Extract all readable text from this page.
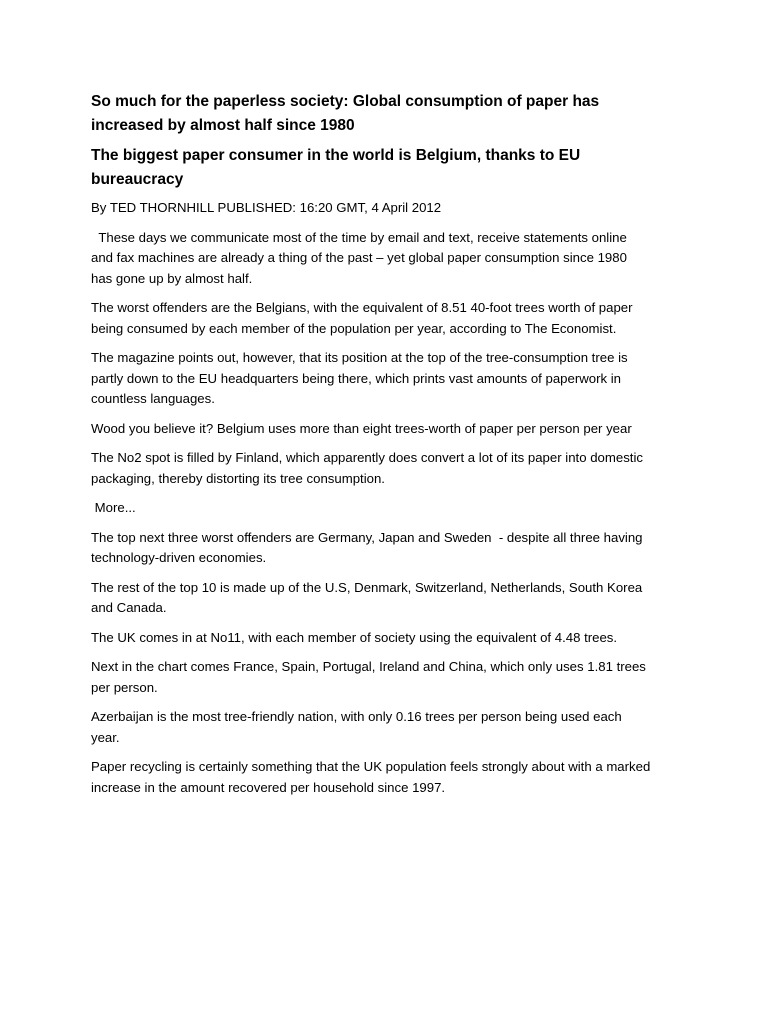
So much for the paperless society: Global consumption of paper has increased by almost half since 1980
The biggest paper consumer in the world is Belgium, thanks to EU bureaucracy

By TED THORNHILL PUBLISHED: 16:20 GMT, 4 April 2012

These days we communicate most of the time by email and text, receive statements online and fax machines are already a thing of the past – yet global paper consumption since 1980 has gone up by almost half.

The worst offenders are the Belgians, with the equivalent of 8.51 40-foot trees worth of paper being consumed by each member of the population per year, according to The Economist.

The magazine points out, however, that its position at the top of the tree-consumption tree is partly down to the EU headquarters being there, which prints vast amounts of paperwork in countless languages.

Wood you believe it? Belgium uses more than eight trees-worth of paper per person per year

The No2 spot is filled by Finland, which apparently does convert a lot of its paper into domestic packaging, thereby distorting its tree consumption.

More...

The top next three worst offenders are Germany, Japan and Sweden  - despite all three having technology-driven economies.

The rest of the top 10 is made up of the U.S, Denmark, Switzerland, Netherlands, South Korea and Canada.

The UK comes in at No11, with each member of society using the equivalent of 4.48 trees.

Next in the chart comes France, Spain, Portugal, Ireland and China, which only uses 1.81 trees per person.

Azerbaijan is the most tree-friendly nation, with only 0.16 trees per person being used each year.

Paper recycling is certainly something that the UK population feels strongly about with a marked increase in the amount recovered per household since 1997.
